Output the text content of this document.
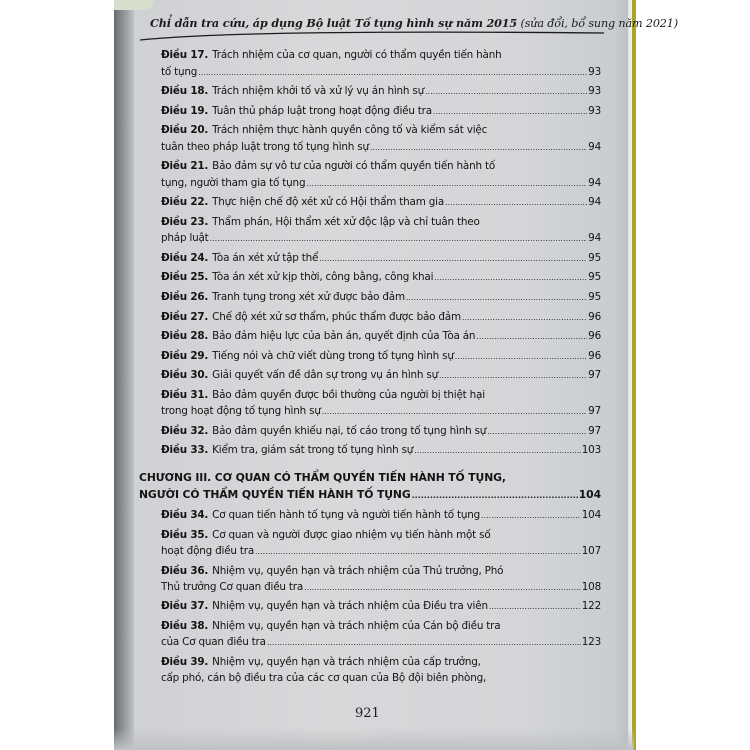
Chỉ dẫn tra cứu, áp dụng Bộ luật Tố tụng hình sự năm 2015 (sửa đổi, bổ sung năm 2021)
Điều 17. Trách nhiệm của cơ quan, người có thẩm quyền tiến hành
tố tụng .....	93
Điều 18. Trách nhiệm khởi tố và xử lý vụ án hình sự .....	93
Điều 19. Tuân thủ pháp luật trong hoạt động điều tra .....	93
Điều 20. Trách nhiệm thực hành quyền công tố và kiểm sát việc
tuân theo pháp luật trong tố tụng hình sự .....	94
Điều 21. Bảo đảm sự vô tư của người có thẩm quyền tiến hành tố
tụng, người tham gia tố tụng .....	94
Điều 22. Thực hiện chế độ xét xử có Hội thẩm tham gia .....	94
Điều 23. Thẩm phán, Hội thẩm xét xử độc lập và chỉ tuân theo
pháp luật .....	94
Điều 24. Tòa án xét xử tập thể .....	95
Điều 25. Tòa án xét xử kịp thời, công bằng, công khai .....	95
Điều 26. Tranh tụng trong xét xử được bảo đảm .....	95
Điều 27. Chế độ xét xử sơ thẩm, phúc thẩm được bảo đảm .....	96
Điều 28. Bảo đảm hiệu lực của bản án, quyết định của Tòa án .....	96
Điều 29. Tiếng nói và chữ viết dùng trong tố tụng hình sự .....	96
Điều 30. Giải quyết vấn đề dân sự trong vụ án hình sự .....	97
Điều 31. Bảo đảm quyền được bồi thường của người bị thiệt hại
trong hoạt động tố tụng hình sự .....	97
Điều 32. Bảo đảm quyền khiếu nại, tố cáo trong tố tụng hình sự .....	97
Điều 33. Kiểm tra, giám sát trong tố tụng hình sự .....	103
CHƯƠNG III. CƠ QUAN CÓ THẨM QUYỀN TIẾN HÀNH TỐ TỤNG,
NGƯỜI CÓ THẨM QUYỀN TIẾN HÀNH TỐ TỤNG .....	104
Điều 34. Cơ quan tiến hành tố tụng và người tiến hành tố tụng .....	104
Điều 35. Cơ quan và người được giao nhiệm vụ tiến hành một số
hoạt động điều tra .....	107
Điều 36. Nhiệm vụ, quyền hạn và trách nhiệm của Thủ trưởng, Phó
Thủ trưởng Cơ quan điều tra .....	108
Điều 37. Nhiệm vụ, quyền hạn và trách nhiệm của Điều tra viên .....	122
Điều 38. Nhiệm vụ, quyền hạn và trách nhiệm của Cán bộ điều tra
của Cơ quan điều tra .....	123
Điều 39. Nhiệm vụ, quyền hạn và trách nhiệm của cấp trưởng,
cấp phó, cán bộ điều tra của các cơ quan của Bộ đội biên phòng,
921
